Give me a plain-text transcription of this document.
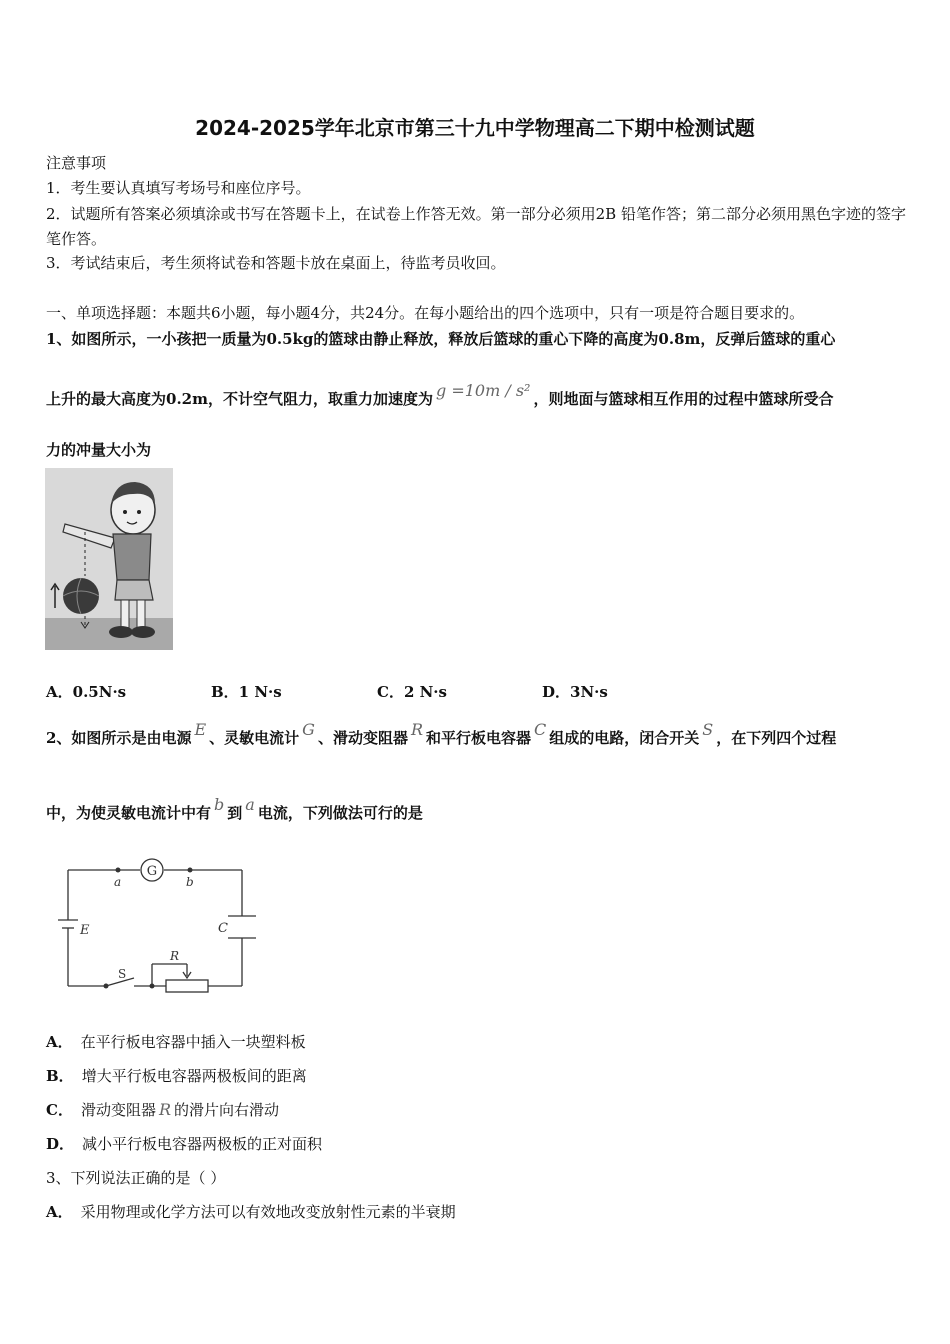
2024-2025学年北京市第三十九中学物理高二下期中检测试题
注意事项
1．考生要认真填写考场号和座位序号。
2．试题所有答案必须填涂或书写在答题卡上，在试卷上作答无效。第一部分必须用2B 铅笔作答；第二部分必须用黑色字迹的签字笔作答。
3．考试结束后，考生须将试卷和答题卡放在桌面上，待监考员收回。
一、单项选择题：本题共6小题，每小题4分，共24分。在每小题给出的四个选项中，只有一项是符合题目要求的。
1、如图所示，一小孩把一质量为0.5kg的篮球由静止释放，释放后篮球的重心下降的高度为0.8m，反弹后篮球的重心
上升的最大高度为0.2m，不计空气阻力，取重力加速度为 g =10m / s² ，则地面与篮球相互作用的过程中篮球所受合
力的冲量大小为
A．0.5N·s	B．1 N·s	C．2 N·s	D．3N·s
2、如图所示是由电源 E 、灵敏电流计 G 、滑动变阻器 R 和平行板电容器 C 组成的电路，闭合开关 S ，在下列四个过程
中，为使灵敏电流计中有 b 到 a 电流，下列做法可行的是
G
a	b
E	C
S
R
A． 在平行板电容器中插入一块塑料板
B． 增大平行板电容器两极板间的距离
C． 滑动变阻器 R 的滑片向右滑动
D． 减小平行板电容器两极板的正对面积
3、下列说法正确的是（ ）
A． 采用物理或化学方法可以有效地改变放射性元素的半衰期
